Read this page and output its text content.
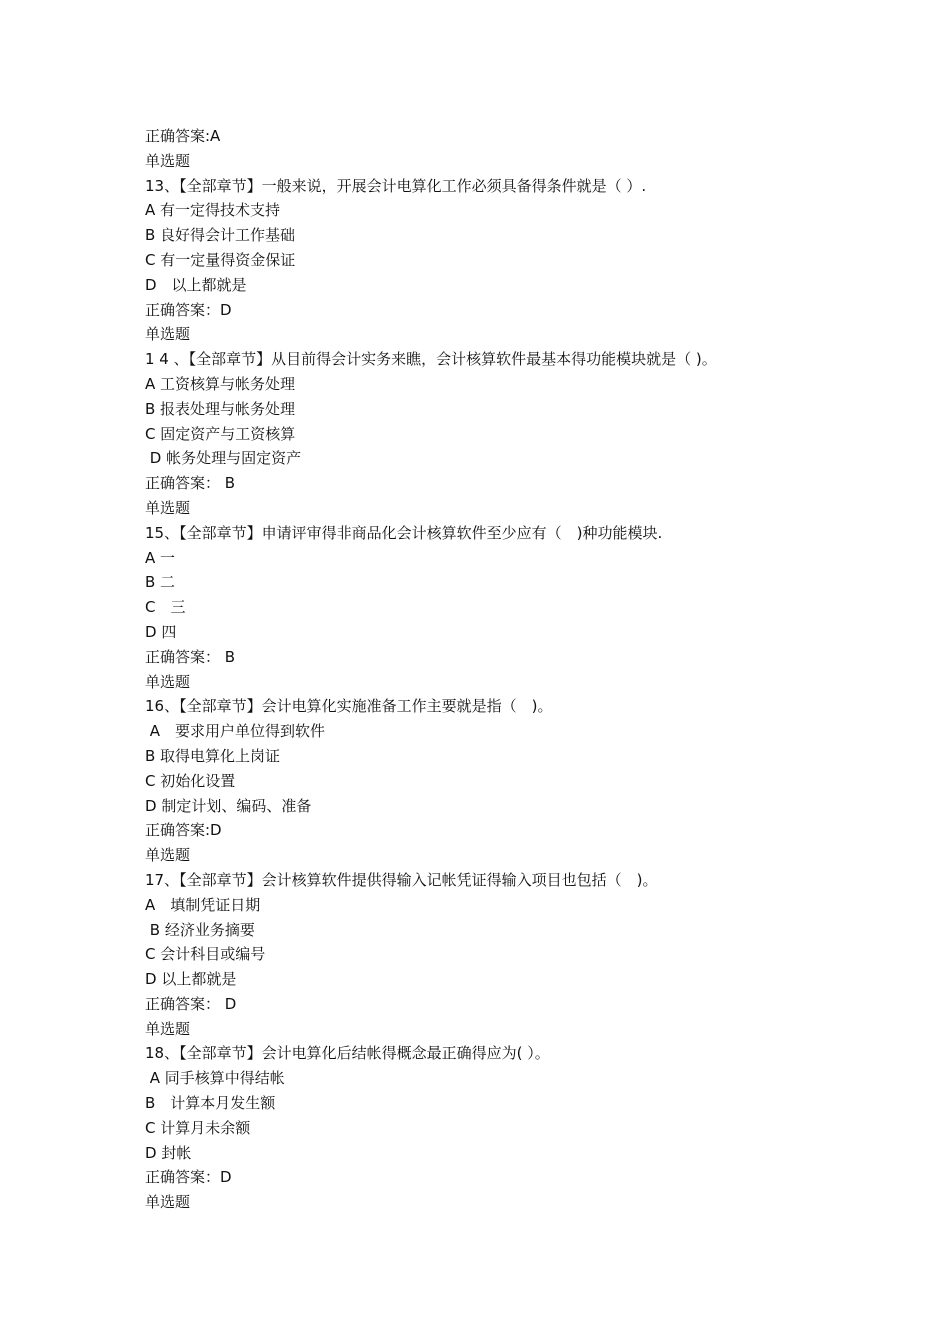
正确答案:A
单选题
13、【全部章节】一般来说，开展会计电算化工作必须具备得条件就是（ ）.
A 有一定得技术支持
B 良好得会计工作基础
C 有一定量得资金保证
D　以上都就是
正确答案：D
单选题
1 4 、【全部章节】从目前得会计实务来瞧，会计核算软件最基本得功能模块就是（ )。
A 工资核算与帐务处理
B 报表处理与帐务处理
C 固定资产与工资核算
D 帐务处理与固定资产
正确答案： B
单选题
15、【全部章节】申请评审得非商品化会计核算软件至少应有（　)种功能模块.
A 一
B 二
C　三
D 四
正确答案： B
单选题
16、【全部章节】会计电算化实施准备工作主要就是指（　)。
A　要求用户单位得到软件
B 取得电算化上岗证
C 初始化设置
D 制定计划、编码、准备
正确答案:D
单选题
17、【全部章节】会计核算软件提供得输入记帐凭证得输入项目也包括（　)。
A　填制凭证日期
B 经济业务摘要
C 会计科目或编号
D 以上都就是
正确答案： D
单选题
18、【全部章节】会计电算化后结帐得概念最正确得应为( ）。
A 同手核算中得结帐
B　计算本月发生额
C 计算月未余额
D 封帐
正确答案：D
单选题
